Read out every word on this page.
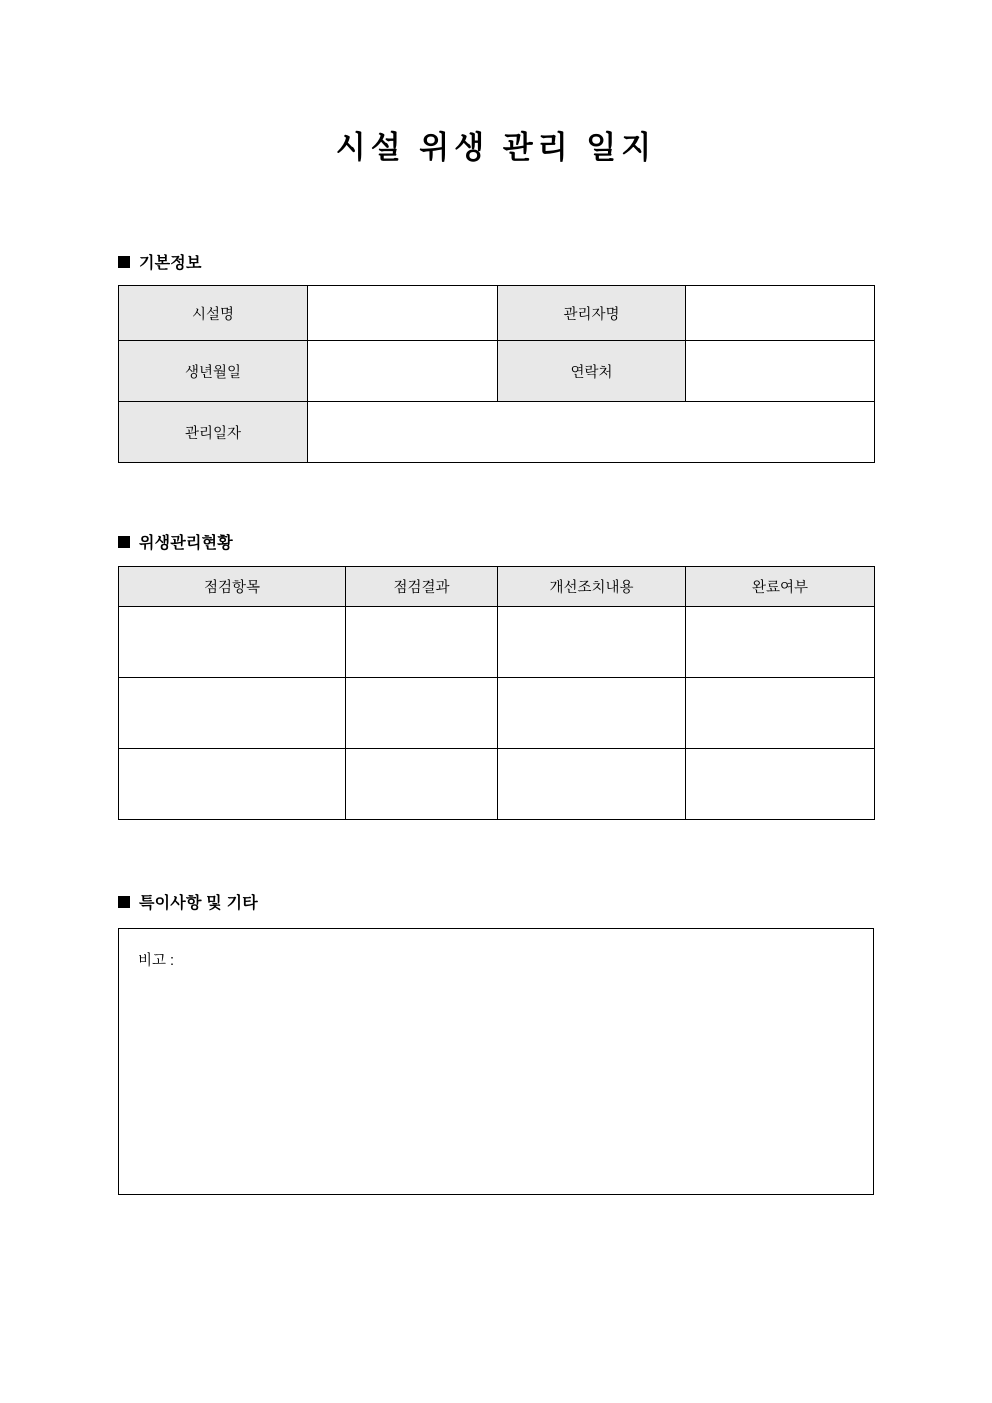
시설 위생 관리 일지
기본정보
시설명		관리자명	
생년월일		연락처	
관리일자			
위생관리현황
점검항목	점검결과	개선조치내용	완료여부

특이사항 및 기타
비고 :
